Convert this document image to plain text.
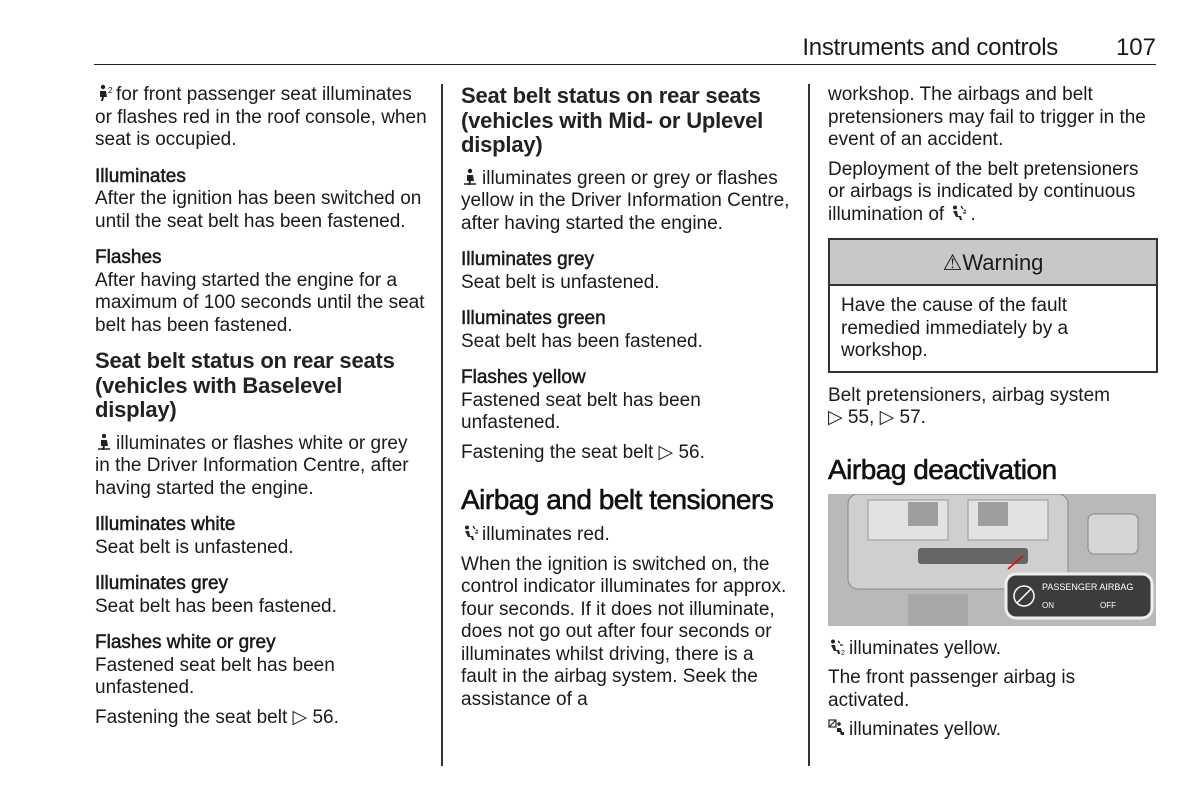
Instruments and controls 107

2 for front passenger seat illuminates or flashes red in the roof console, when seat is occupied.

Illuminates
After the ignition has been switched on until the seat belt has been fastened.
Flashes
After having started the engine for a maximum of 100 seconds until the seat belt has been fastened.
Seat belt status on rear seats (vehicles with Baselevel display)

illuminates or flashes white or grey in the Driver Information Centre, after having started the engine.

Illuminates white
Seat belt is unfastened.
Illuminates grey
Seat belt has been fastened.
Flashes white or grey
Fastened seat belt has been unfastened.

Fastening the seat belt ▷ 56.

Seat belt status on rear seats (vehicles with Mid- or Uplevel display)

illuminates green or grey or flashes yellow in the Driver Information Centre, after having started the engine.

Illuminates grey
Seat belt is unfastened.
Illuminates green
Seat belt has been fastened.
Flashes yellow
Fastened seat belt has been unfastened.

Fastening the seat belt ▷ 56.

Airbag and belt tensioners

illuminates red.

When the ignition is switched on, the control indicator illuminates for approx. four seconds. If it does not illuminate, does not go out after four seconds or illuminates whilst driving, there is a fault in the airbag system. Seek the assistance of a

workshop. The airbags and belt pretensioners may fail to trigger in the event of an accident.

Deployment of the belt pretensioners or airbags is indicated by continuous illumination of .

⚠Warning
Have the cause of the fault remedied immediately by a workshop.

Belt pretensioners, airbag system
▷ 55, ▷ 57.

Airbag deactivation
PASSENGER AIRBAG
ON	OFF

2 illuminates yellow.

The front passenger airbag is activated.

illuminates yellow.
